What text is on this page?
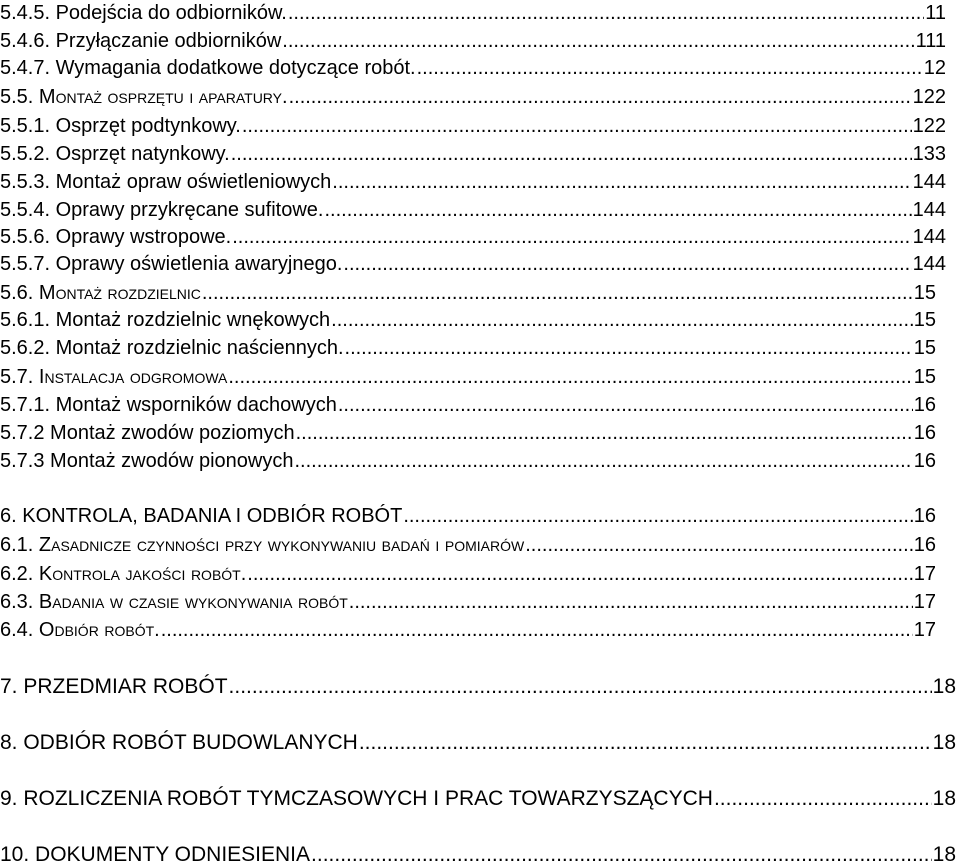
5.4.5. Podejścia do odbiorników. .....	11
5.4.6. Przyłączanie odbiorników .....	111
5.4.7. Wymagania dodatkowe dotyczące robót. .....	12
5.5. Montaż osprzętu i aparatury. .....	122
5.5.1. Osprzęt podtynkowy. .....	122
5.5.2. Osprzęt natynkowy. .....	133
5.5.3. Montaż opraw oświetleniowych .....	144
5.5.4. Oprawy przykręcane sufitowe. .....	144
5.5.6. Oprawy wstropowe. .....	144
5.5.7. Oprawy oświetlenia awaryjnego. .....	144
5.6. Montaż rozdzielnic .....	15
5.6.1. Montaż rozdzielnic wnękowych .....	15
5.6.2. Montaż rozdzielnic naściennych. .....	15
5.7. Instalacja odgromowa .....	15
5.7.1. Montaż wsporników dachowych .....	16
5.7.2 Montaż zwodów poziomych .....	16
5.7.3 Montaż zwodów pionowych .....	16
6. KONTROLA, BADANIA I ODBIÓR ROBÓT .....	16
6.1. Zasadnicze czynności przy wykonywaniu badań i pomiarów .....	16
6.2. Kontrola jakości robót. .....	17
6.3. Badania w czasie wykonywania robót .....	17
6.4. Odbiór robót. .....	17
7. PRZEDMIAR ROBÓT .....	18
8. ODBIÓR ROBÓT BUDOWLANYCH .....	18
9. ROZLICZENIA ROBÓT TYMCZASOWYCH I PRAC TOWARZYSZĄCYCH .....	18
10. DOKUMENTY ODNIESIENIA .....	18
